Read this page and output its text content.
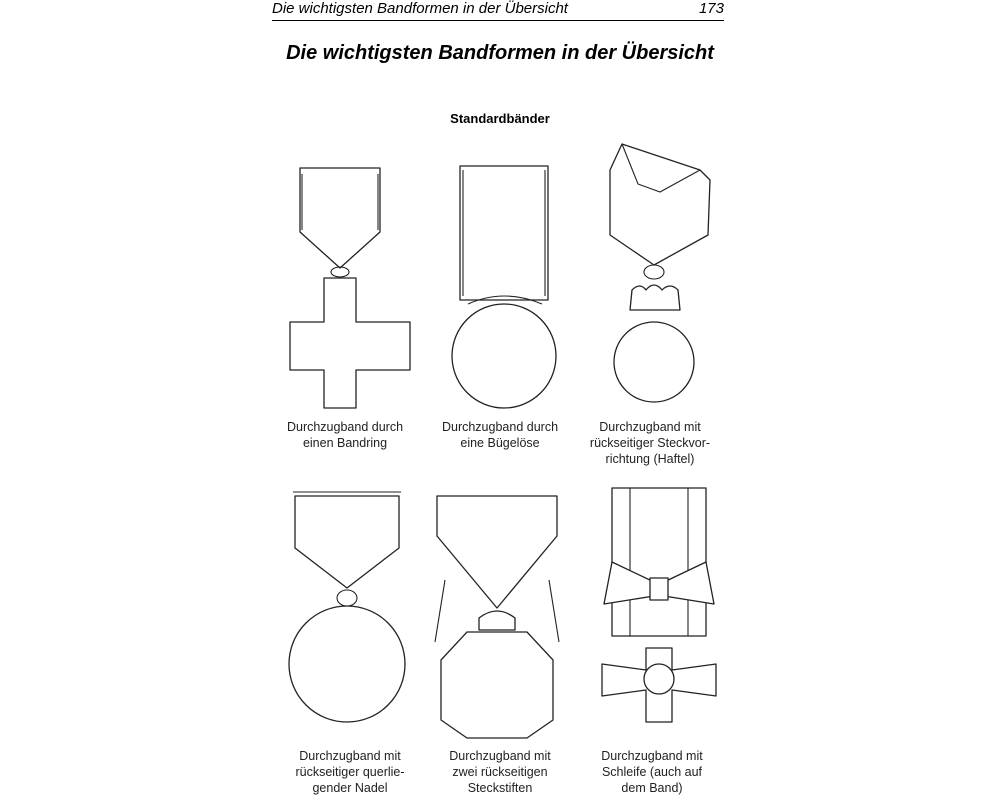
Die wichtigsten Bandformen in der Übersicht	173
Die wichtigsten Bandformen in der Übersicht
Standardbänder
Durchzugband durch
einen Bandring
Durchzugband durch
eine Bügelöse
Durchzugband mit
rückseitiger Steckvor-
richtung (Haftel)
Durchzugband mit
rückseitiger querlie-
gender Nadel
Durchzugband mit
zwei rückseitigen
Steckstiften
Durchzugband mit
Schleife (auch auf
dem Band)
